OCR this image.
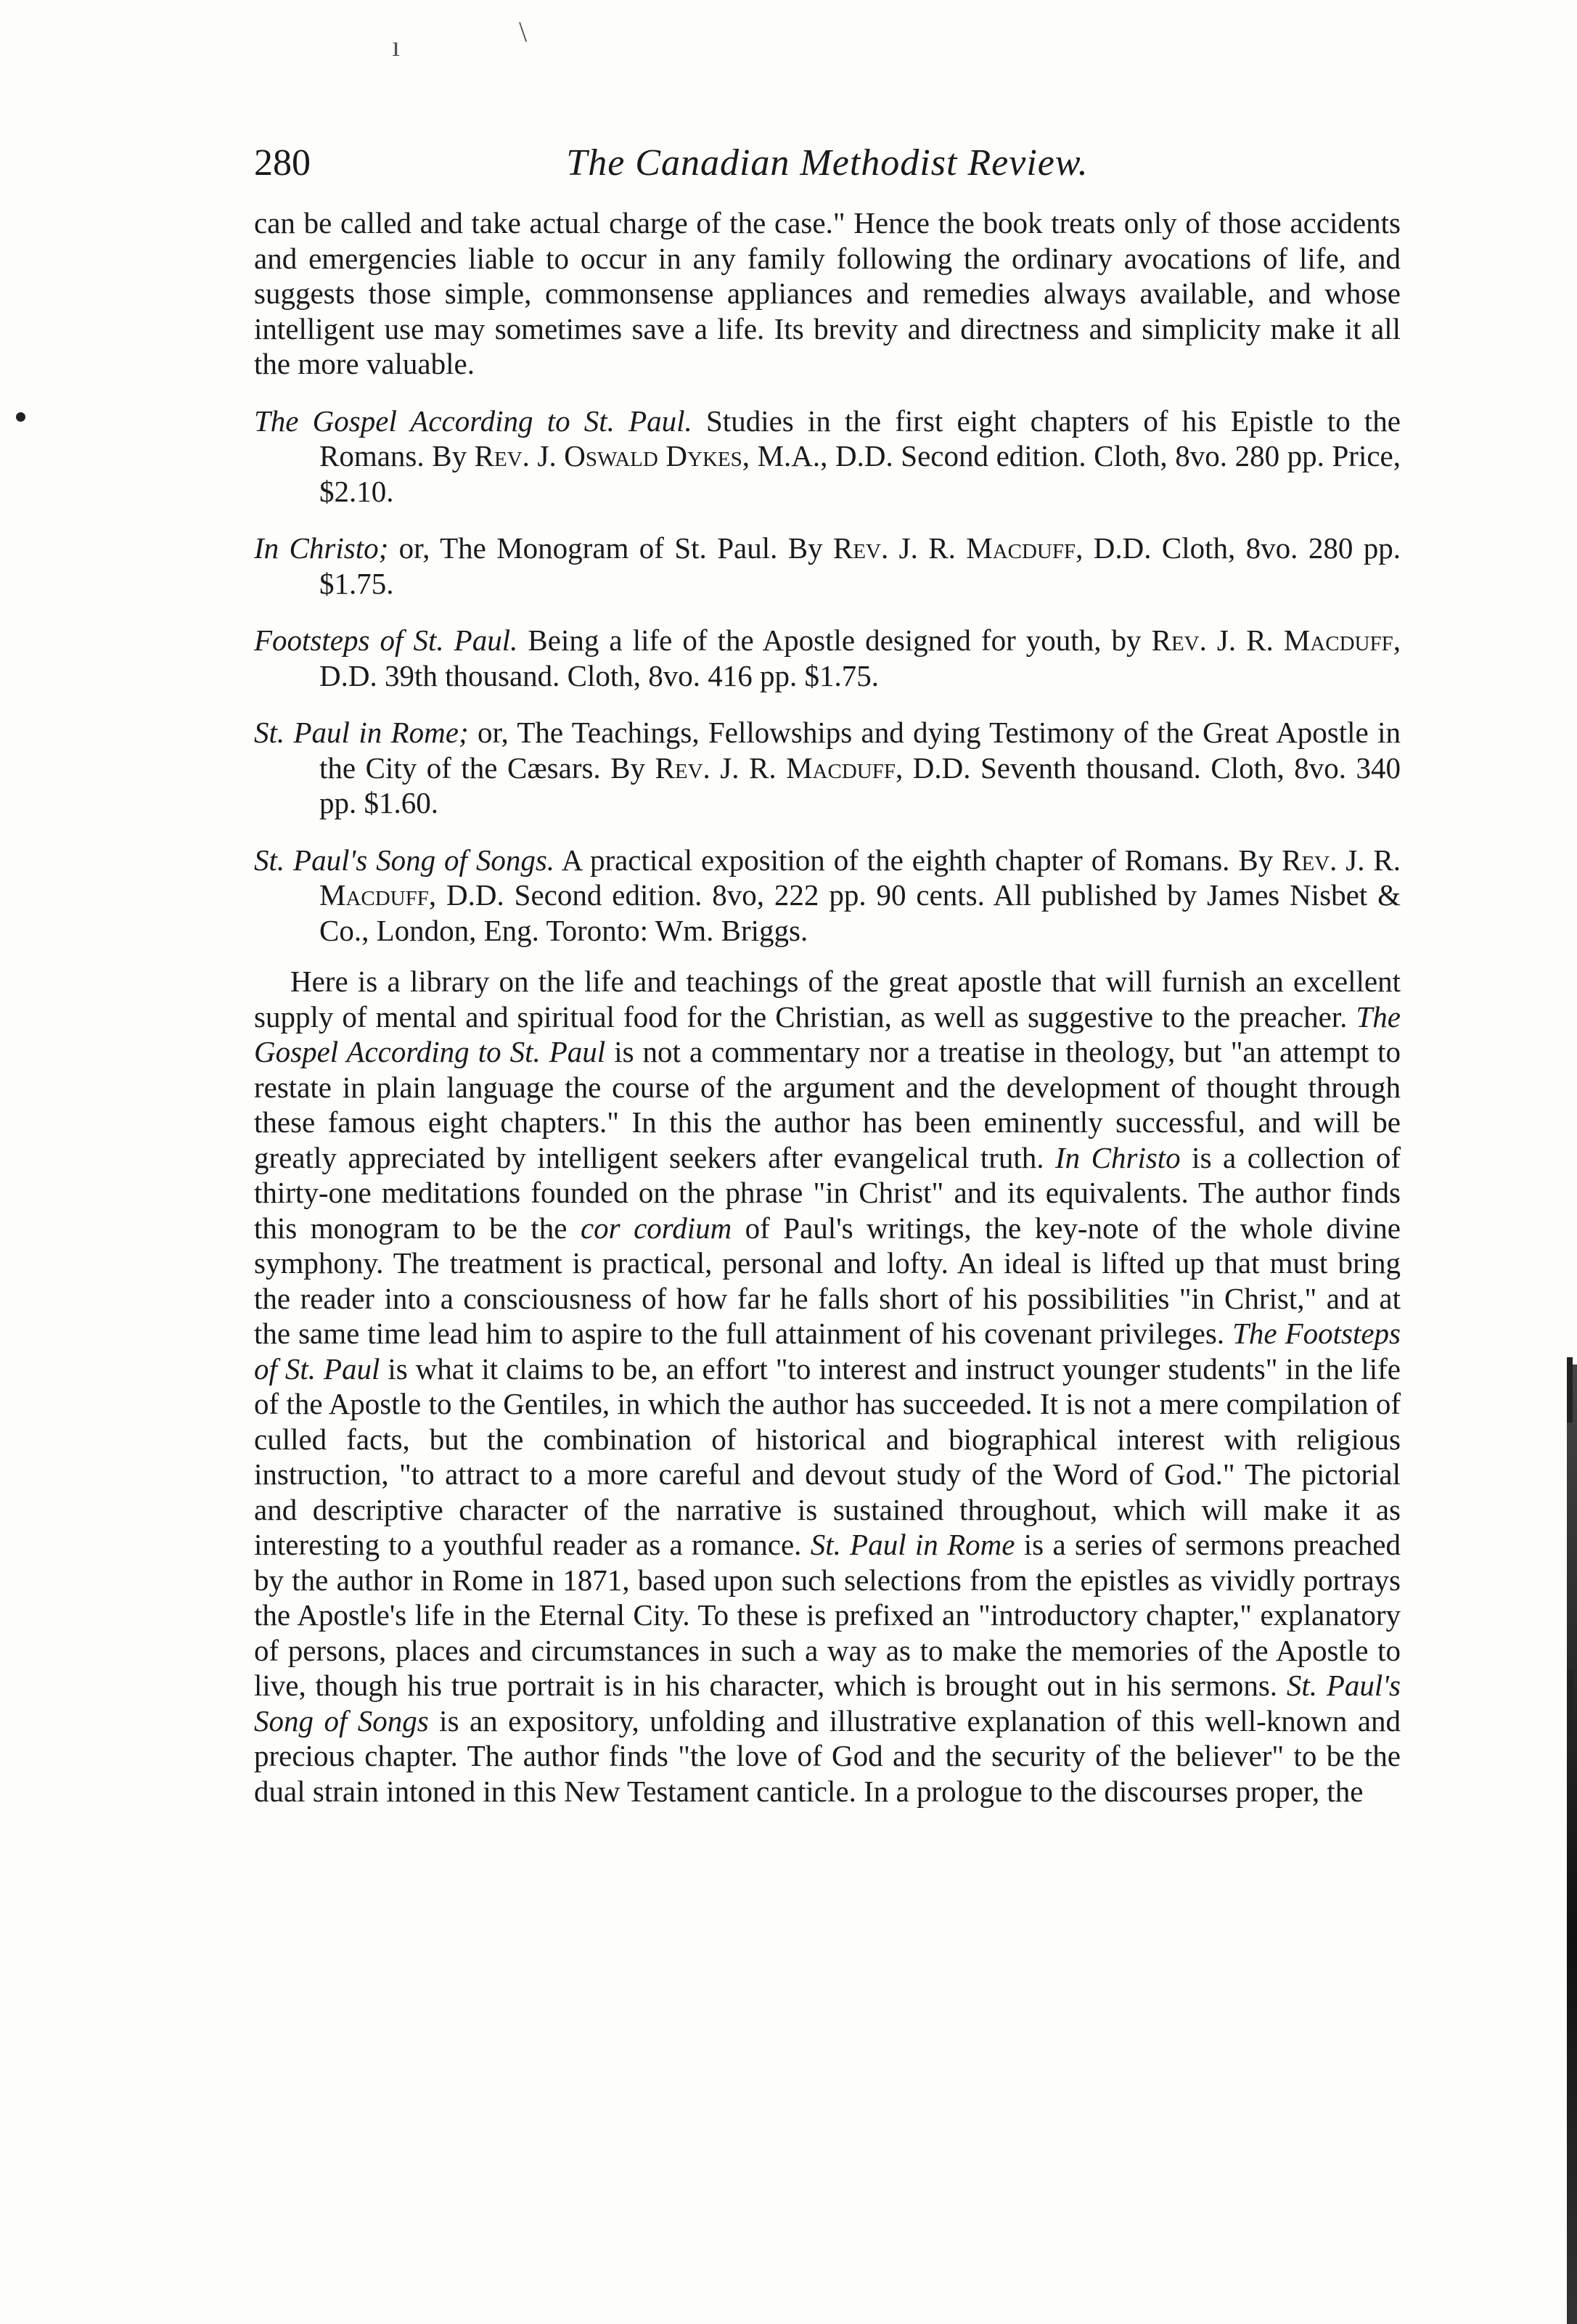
ı	\
280	The Canadian Methodist Review.
can be called and take actual charge of the case." Hence the book treats only of those accidents and emergencies liable to occur in any family following the ordinary avocations of life, and suggests those simple, commonsense appliances and remedies always available, and whose intelligent use may sometimes save a life. Its brevity and directness and simplicity make it all the more valuable.
The Gospel According to St. Paul. Studies in the first eight chapters of his Epistle to the Romans. By Rev. J. Oswald Dykes, M.A., D.D. Second edition. Cloth, 8vo. 280 pp. Price, $2.10.
In Christo; or, The Monogram of St. Paul. By Rev. J. R. Macduff, D.D. Cloth, 8vo. 280 pp. $1.75.
Footsteps of St. Paul. Being a life of the Apostle designed for youth, by Rev. J. R. Macduff, D.D. 39th thousand. Cloth, 8vo. 416 pp. $1.75.
St. Paul in Rome; or, The Teachings, Fellowships and dying Testimony of the Great Apostle in the City of the Cæsars. By Rev. J. R. Macduff, D.D. Seventh thousand. Cloth, 8vo. 340 pp. $1.60.
St. Paul's Song of Songs. A practical exposition of the eighth chapter of Romans. By Rev. J. R. Macduff, D.D. Second edition. 8vo, 222 pp. 90 cents. All published by James Nisbet & Co., London, Eng. Toronto: Wm. Briggs.
Here is a library on the life and teachings of the great apostle that will furnish an excellent supply of mental and spiritual food for the Christian, as well as suggestive to the preacher. The Gospel According to St. Paul is not a commentary nor a treatise in theology, but "an attempt to restate in plain language the course of the argument and the development of thought through these famous eight chapters." In this the author has been eminently successful, and will be greatly appreciated by intelligent seekers after evangelical truth. In Christo is a collection of thirty-one meditations founded on the phrase "in Christ" and its equivalents. The author finds this monogram to be the cor cordium of Paul's writings, the key-note of the whole divine symphony. The treatment is practical, personal and lofty. An ideal is lifted up that must bring the reader into a consciousness of how far he falls short of his possibilities "in Christ," and at the same time lead him to aspire to the full attainment of his covenant privileges. The Footsteps of St. Paul is what it claims to be, an effort "to interest and instruct younger students" in the life of the Apostle to the Gentiles, in which the author has succeeded. It is not a mere compilation of culled facts, but the combination of historical and biographical interest with religious instruction, "to attract to a more careful and devout study of the Word of God." The pictorial and descriptive character of the narrative is sustained throughout, which will make it as interesting to a youthful reader as a romance. St. Paul in Rome is a series of sermons preached by the author in Rome in 1871, based upon such selections from the epistles as vividly portrays the Apostle's life in the Eternal City. To these is prefixed an "introductory chapter," explanatory of persons, places and circumstances in such a way as to make the memories of the Apostle to live, though his true portrait is in his character, which is brought out in his sermons. St. Paul's Song of Songs is an expository, unfolding and illustrative explanation of this well-known and precious chapter. The author finds "the love of God and the security of the believer" to be the dual strain intoned in this New Testament canticle. In a prologue to the discourses proper, the
